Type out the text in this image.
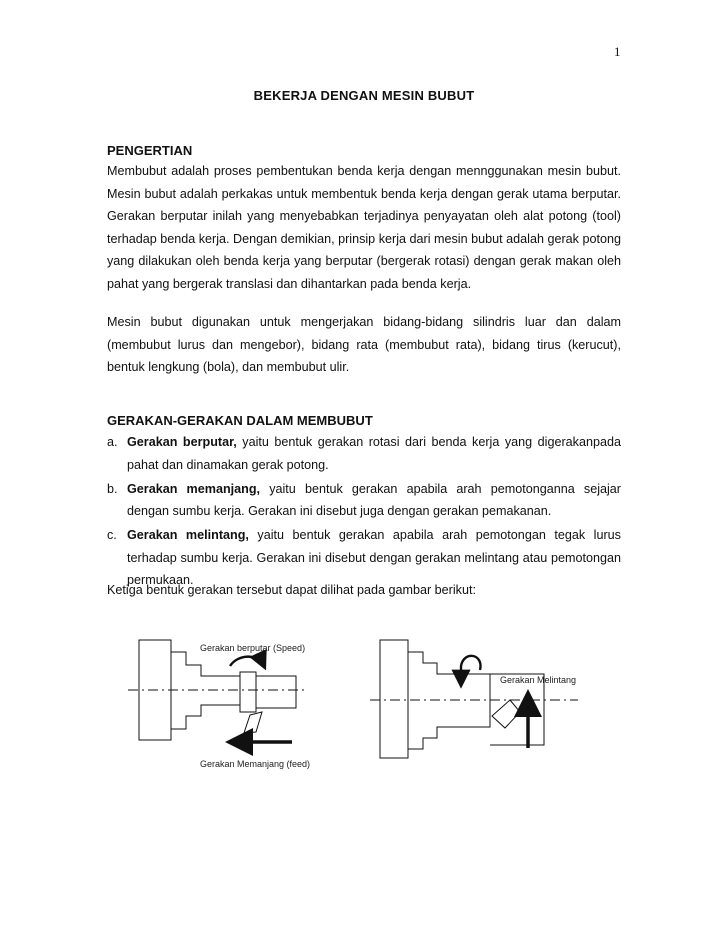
1
BEKERJA DENGAN MESIN BUBUT
PENGERTIAN

Membubut adalah proses pembentukan benda kerja dengan mennggunakan mesin bubut. Mesin bubut adalah perkakas untuk membentuk benda kerja dengan gerak utama berputar. Gerakan berputar inilah yang menyebabkan terjadinya penyayatan oleh alat potong (tool) terhadap benda kerja. Dengan demikian, prinsip kerja dari mesin bubut adalah gerak potong yang dilakukan oleh benda kerja yang berputar (bergerak rotasi) dengan gerak makan oleh pahat yang bergerak translasi dan dihantarkan pada benda kerja.

Mesin bubut digunakan untuk mengerjakan bidang-bidang silindris luar dan dalam (membubut lurus dan mengebor), bidang rata (membubut rata), bidang tirus (kerucut), bentuk lengkung (bola), dan membubut ulir.

GERAKAN-GERAKAN DALAM MEMBUBUT
a. Gerakan berputar, yaitu bentuk gerakan rotasi dari benda kerja yang digerakanpada pahat dan dinamakan gerak potong.
b. Gerakan memanjang, yaitu bentuk gerakan apabila arah pemotonganna sejajar dengan sumbu kerja. Gerakan ini disebut juga dengan gerakan pemakanan.
c. Gerakan melintang, yaitu bentuk gerakan apabila arah pemotongan tegak lurus terhadap sumbu kerja. Gerakan ini disebut dengan gerakan melintang atau pemotongan permukaan.

Ketiga bentuk gerakan tersebut dapat dilihat pada gambar berikut:

Gerakan berputar (Speed)
Gerakan Memanjang (feed)
Gerakan Melintang
